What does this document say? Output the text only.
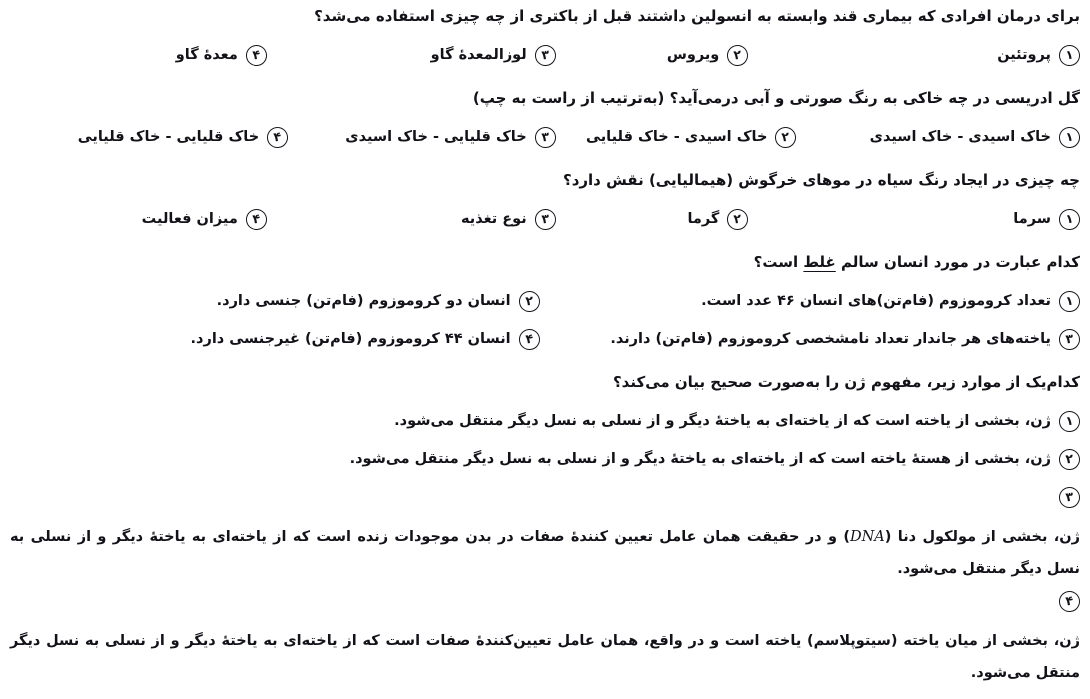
برای درمان افرادی که بیماری قند وابسته به انسولین داشتند قبل از باکتری از چه چیزی استفاده می‌شد؟

۱
پروتئین
۲
ویروس
۳
لوزالمعدهٔ گاو
۴
معدهٔ گاو

گل ادریسی در چه خاکی به رنگ صورتی و آبی درمی‌آید؟ (به‌ترتیب از راست به چپ)

۱
خاک اسیدی - خاک اسیدی
۲
خاک اسیدی - خاک قلیایی
۳
خاک قلیایی - خاک اسیدی
۴
خاک قلیایی - خاک قلیایی

چه چیزی در ایجاد رنگ سیاه در موهای خرگوش (هیمالیایی) نقش دارد؟

۱
سرما
۲
گرما
۳
نوع تغذیه
۴
میزان فعالیت

کدام عبارت در مورد انسان سالم غلط است؟

۱
تعداد کروموزوم (فام‌تن)های انسان ۴۶ عدد است.
۲
انسان دو کروموزوم (فام‌تن) جنسی دارد.
۳
یاخته‌های هر جاندار تعداد نامشخصی کروموزوم (فام‌تن) دارند.
۴
انسان ۴۴ کروموزوم (فام‌تن) غیرجنسی دارد.

کدام‌یک از موارد زیر، مفهوم ژن را به‌صورت صحیح بیان می‌کند؟

۱
ژن، بخشی از یاخته است که از یاخته‌ای به یاختهٔ دیگر و از نسلی به نسل دیگر منتقل می‌شود.
۲
ژن، بخشی از هستهٔ یاخته است که از یاخته‌ای به یاختهٔ دیگر و از نسلی به نسل دیگر منتقل می‌شود.
۳

ژن، بخشی از مولکول دنا (DNA) و در حقیقت همان عامل تعیین کنندهٔ صفات در بدن موجودات زنده است که از یاخته‌ای به یاختهٔ دیگر و از نسلی به نسل دیگر منتقل می‌شود.

۴

ژن، بخشی از میان یاخته (سیتوپلاسم) یاخته است و در واقع، همان عامل تعیین‌کنندهٔ صفات است که از یاخته‌ای به یاختهٔ دیگر و از نسلی به نسل دیگر منتقل می‌شود.
